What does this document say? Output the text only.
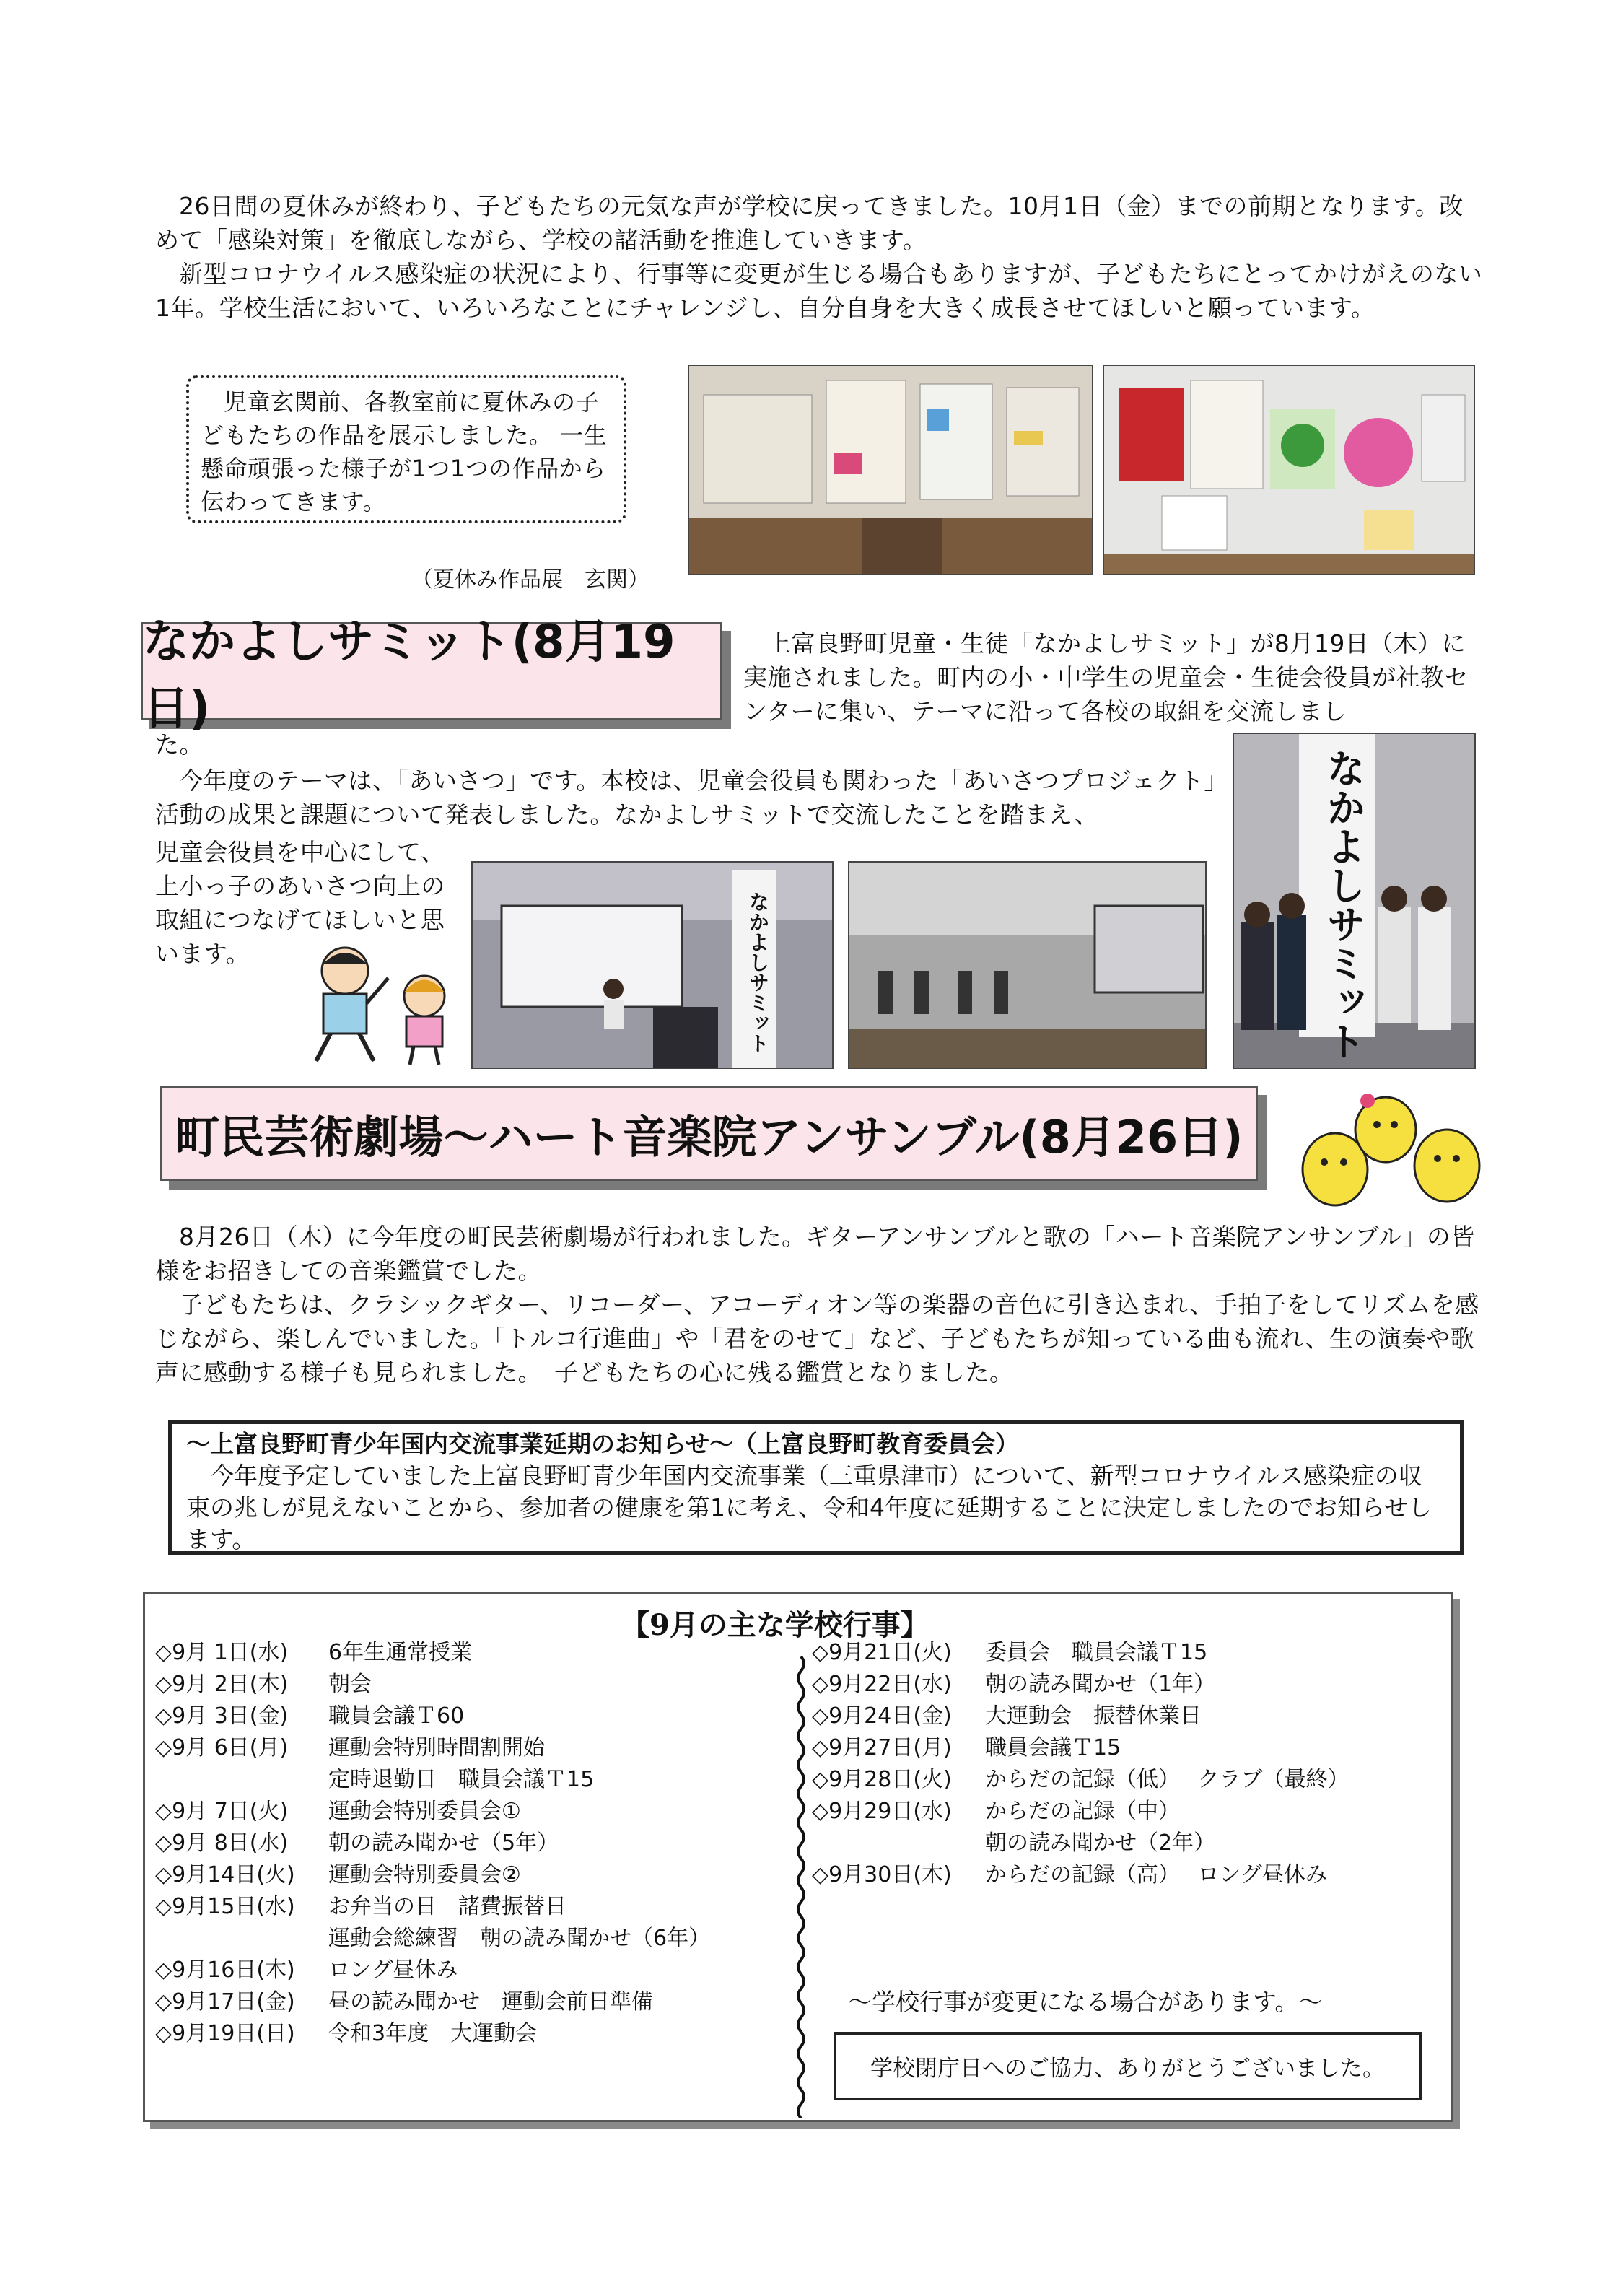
26日間の夏休みが終わり、子どもたちの元気な声が学校に戻ってきました。10月1日（金）までの前期となります。改めて「感染対策」を徹底しながら、学校の諸活動を推進していきます。

新型コロナウイルス感染症の状況により、行事等に変更が生じる場合もありますが、子どもたちにとってかけがえのない1年。学校生活において、いろいろなことにチャレンジし、自分自身を大きく成長させてほしいと願っています。

児童玄関前、各教室前に夏休みの子どもたちの作品を展示しました。 一生懸命頑張った様子が1つ1つの作品から伝わってきます。
（夏休み作品展　玄関）
なかよしサミット(8月19日)
上富良野町児童・生徒「なかよしサミット」が8月19日（木）に実施されました。町内の小・中学生の児童会・生徒会役員が社教センターに集い、テーマに沿って各校の取組を交流しまし
た。
今年度のテーマは、「あいさつ」です。本校は、児童会役員も関わった「あいさつプロジェクト」活動の成果と課題について発表しました。なかよしサミットで交流したことを踏まえ、
児童会役員を中心にして、上小っ子のあいさつ向上の取組につなげてほしいと思います。	なかよしサミット	なかよしサミット
町民芸術劇場～ハート音楽院アンサンブル(8月26日)

8月26日（木）に今年度の町民芸術劇場が行われました。ギターアンサンブルと歌の「ハート音楽院アンサンブル」の皆様をお招きしての音楽鑑賞でした。

子どもたちは、クラシックギター、リコーダー、アコーディオン等の楽器の音色に引き込まれ、手拍子をしてリズムを感じながら、楽しんでいました。「トルコ行進曲」や「君をのせて」など、子どもたちが知っている曲も流れ、生の演奏や歌声に感動する様子も見られました。　子どもたちの心に残る鑑賞となりました。

～上富良野町青少年国内交流事業延期のお知らせ～（上富良野町教育委員会）
今年度予定していました上富良野町青少年国内交流事業（三重県津市）について、新型コロナウイルス感染症の収束の兆しが見えないことから、参加者の健康を第1に考え、令和4年度に延期することに決定しましたのでお知らせします。
【9月の主な学校行事】
◇9月 1日(水) 6年生通常授業
◇9月 2日(木) 朝会
◇9月 3日(金) 職員会議Ｔ60
◇9月 6日(月) 運動会特別時間割開始
定時退勤日　職員会議Ｔ15
◇9月 7日(火) 運動会特別委員会①
◇9月 8日(水) 朝の読み聞かせ（5年）
◇9月14日(火) 運動会特別委員会②
◇9月15日(水) お弁当の日　諸費振替日
運動会総練習　朝の読み聞かせ（6年）
◇9月16日(木) ロング昼休み
◇9月17日(金) 昼の読み聞かせ　運動会前日準備
◇9月19日(日) 令和3年度　大運動会
◇9月21日(火) 委員会　職員会議Ｔ15
◇9月22日(水) 朝の読み聞かせ（1年）
◇9月24日(金) 大運動会　振替休業日
◇9月27日(月) 職員会議Ｔ15
◇9月28日(火) からだの記録（低）　 クラブ（最終）
◇9月29日(水) からだの記録（中）
朝の読み聞かせ（2年）
◇9月30日(木) からだの記録（高）　 ロング昼休み
～学校行事が変更になる場合があります。～
学校閉庁日へのご協力、ありがとうございました。
